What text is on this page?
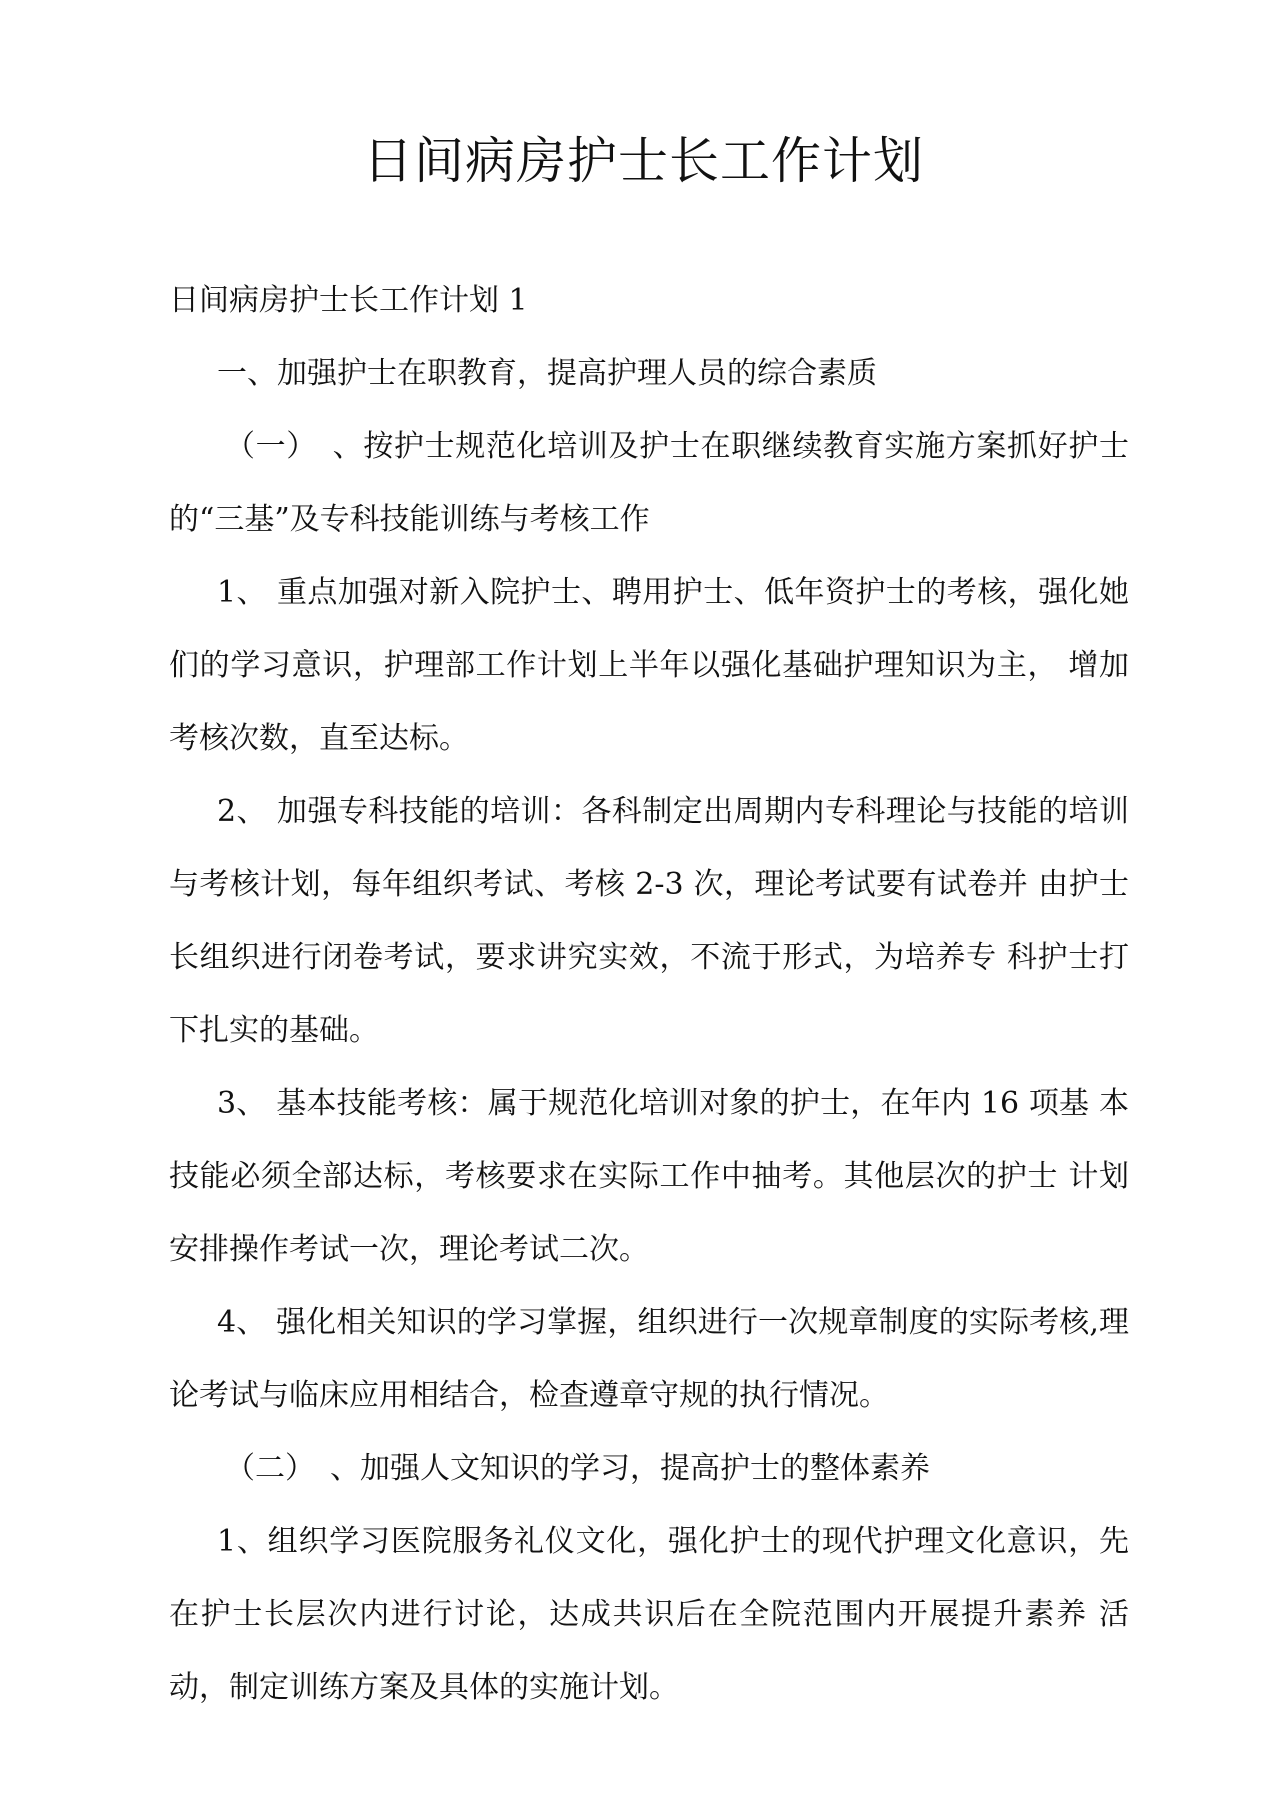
日间病房护士长工作计划

日间病房护士长工作计划 1

一、加强护士在职教育，提高护理人员的综合素质

（一）　、按护士规范化培训及护士在职继续教育实施方案抓好护士 的“三基”及专科技能训练与考核工作

1、 重点加强对新入院护士、聘用护士、低年资护士的考核，强化她们的学习意识，护理部工作计划上半年以强化基础护理知识为主， 增加考核次数，直至达标。

2、 加强专科技能的培训：各科制定出周期内专科理论与技能的培训与考核计划，每年组织考试、考核 2-3 次，理论考试要有试卷并 由护士长组织进行闭卷考试，要求讲究实效，不流于形式，为培养专 科护士打下扎实的基础。

3、 基本技能考核：属于规范化培训对象的护士，在年内 16 项基 本技能必须全部达标，考核要求在实际工作中抽考。其他层次的护士 计划安排操作考试一次，理论考试二次。

4、 强化相关知识的学习掌握，组织进行一次规章制度的实际考核,理论考试与临床应用相结合，检查遵章守规的执行情况。

（二）　、加强人文知识的学习，提高护士的整体素养

1、组织学习医院服务礼仪文化，强化护士的现代护理文化意识，先在护士长层次内进行讨论，达成共识后在全院范围内开展提升素养 活动，制定训练方案及具体的实施计划。
